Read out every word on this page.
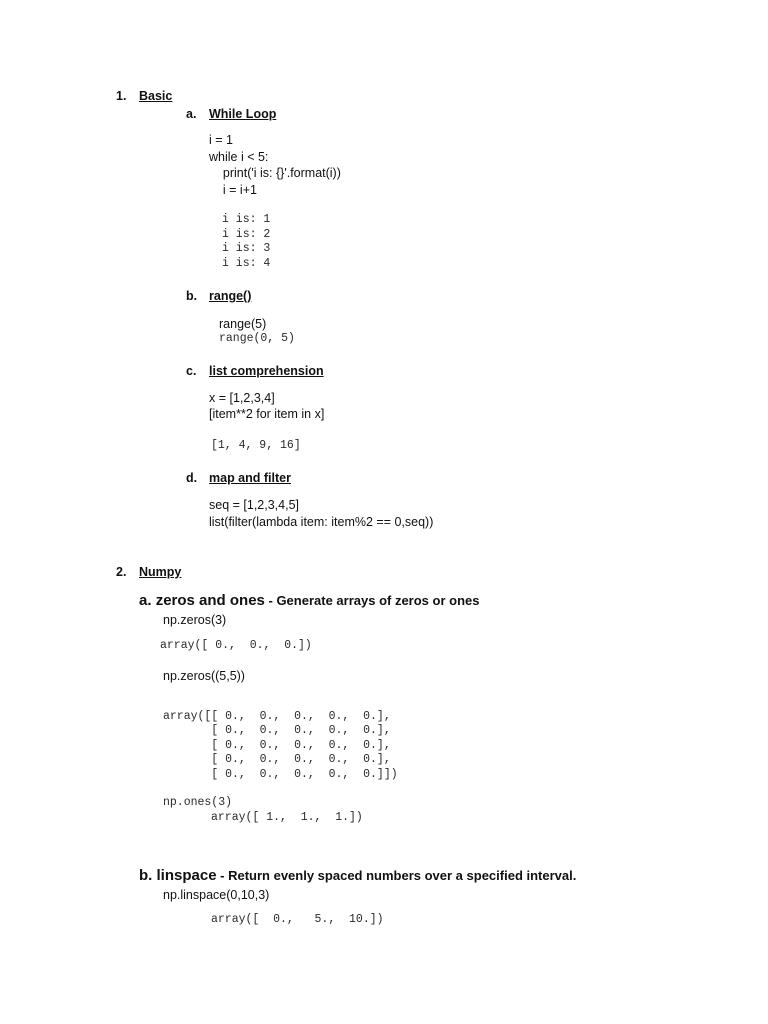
1. Basic
a. While Loop
i = 1
while i < 5:
print('i is: {}'.format(i))
i = i+1
i is: 1
i is: 2
i is: 3
i is: 4
b. range()
range(5)
range(0, 5)
c. list comprehension
x = [1,2,3,4]
[item**2 for item in x]
[1, 4, 9, 16]
d. map and filter
seq = [1,2,3,4,5]
list(filter(lambda item: item%2 == 0,seq))
2. Numpy
a. zeros and ones - Generate arrays of zeros or ones
np.zeros(3)
array([ 0.,  0.,  0.])
np.zeros((5,5))
array([[ 0.,  0.,  0.,  0.,  0.],
[ 0.,  0.,  0.,  0.,  0.],
[ 0.,  0.,  0.,  0.,  0.],
[ 0.,  0.,  0.,  0.,  0.],
[ 0.,  0.,  0.,  0.,  0.]])
np.ones(3)
array([ 1.,  1.,  1.])
b. linspace - Return evenly spaced numbers over a specified interval.
np.linspace(0,10,3)
array([  0.,   5.,  10.])
